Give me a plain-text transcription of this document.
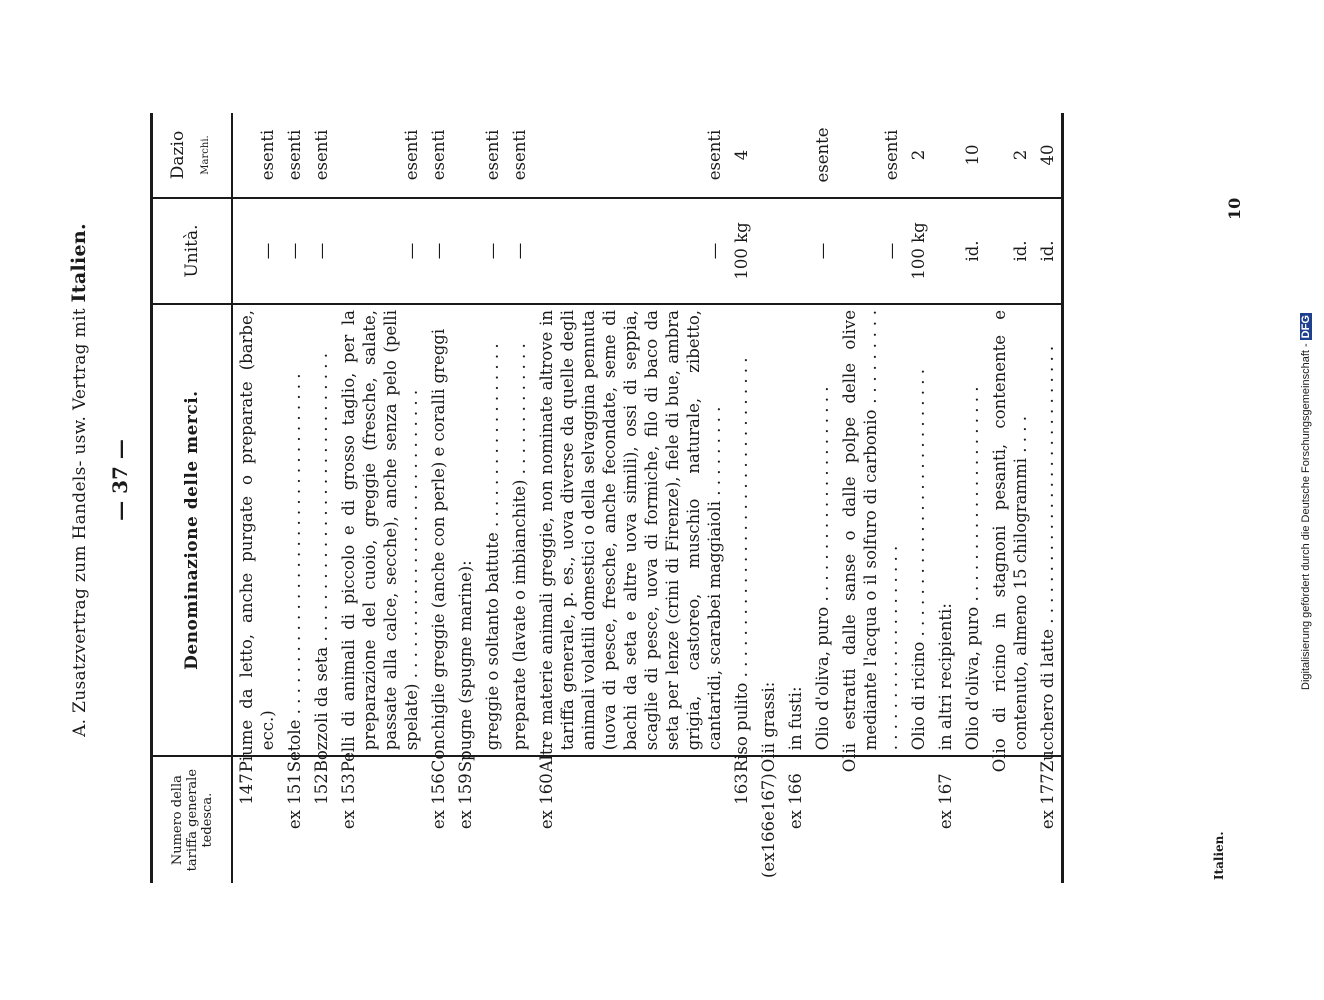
A. Zusatzvertrag zum Handels- usw. Vertrag mit Italien.
— 37 —
Numero della tariffa generale tedesca.	Denominazione delle merci.	Unità.	Dazio Marchi.

147	Piume da letto, anche purgate o preparate (barbe, ecc.)	—	esenti
ex 151	Setole . . . . . . . . . . . . . . . . . . . . . . . . . . . . . . . . .	—	esenti
152	Bozzoli da seta . . . . . . . . . . . . . . . . . . . . . . . . . . . .	—	esenti
ex 153	Pelli di animali di piccolo e di grosso taglio, per la preparazione del cuoio, greggie (fresche, salate, passate alla calce, secche), anche senza pelo (pelli spelate) . . . . . . . . . . . . . . . . . . . . . . . . . . . .	—	esenti
ex 156	Conchiglie greggie (anche con perle) e coralli greggi	—	esenti
ex 159	Spugne (spugne marine):		
	greggie o soltanto battute . . . . . . . . . . . . . . . . . .	—	esenti
	preparate (lavate o imbianchite) . . . . . . . . . . . . .	—	esenti
ex 160	Altre materie animali greggie, non nominate altrove in tariffa generale, p. es., uova diverse da quelle degli animali volatili domestici o della selvaggina pennuta (uova di pesce, fresche, anche fecondate, seme di bachi da seta e altre uova simili), ossi di seppia, scaglie di pesce, uova di formiche, filo di baco da seta per lenze (crini di Firenze), fiele di bue, ambra grigia, castoreo, muschio naturale, zibetto, cantaridi, scarabei maggiaioli . . . . . . . . .	—	esenti
163	Riso pulito . . . . . . . . . . . . . . . . . . . . . . . . . . . . . . .	100 kg	4
(ex166e167)	Olii grassi:		
ex 166	in fusti:		
	Olio d'oliva, puro . . . . . . . . . . . . . . . . . . . . .	—	esente
	Olii estratti dalle sanse o dalle polpe delle olive mediante l'acqua o il solfuro di carbonio . . . . . . . . . . . . . . . . . . . . . . . . . . . . .	—	esenti
	Olio di ricino . . . . . . . . . . . . . . . . . . . . . . . . . .	100 kg	2
ex 167	in altri recipienti:		
	Olio d'oliva, puro . . . . . . . . . . . . . . . . . . . . .	id.	10
	Olio di ricino in stagnoni pesanti, contenente e contenuto, almeno 15 chilogrammi . . . .	id.	2
ex 177	Zucchero di latte . . . . . . . . . . . . . . . . . . . . . . . . . . .	id.	40
Italien.
10
Digitalisierung gefördert durch die Deutsche Forschungsgemeinschaft -DFG
